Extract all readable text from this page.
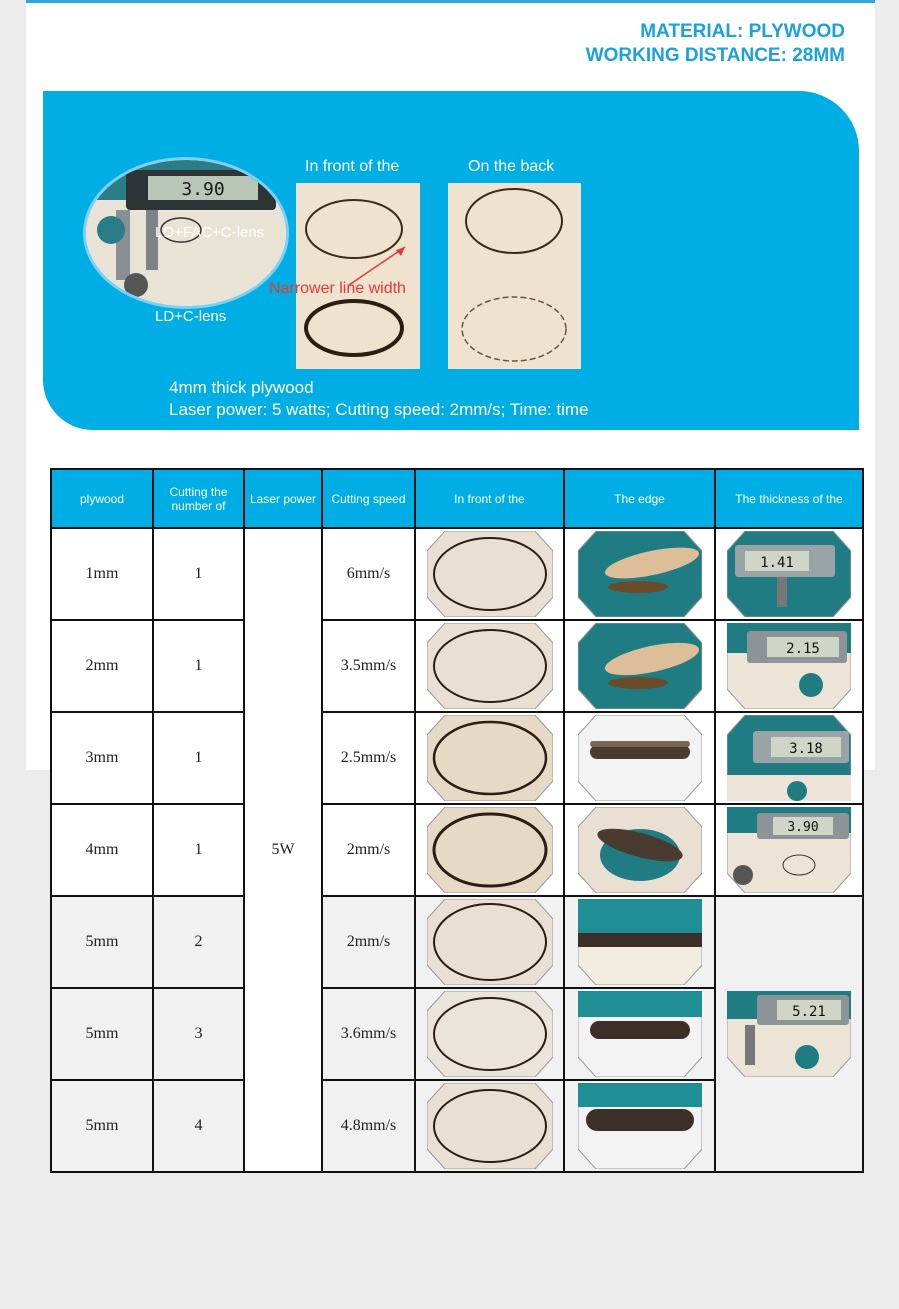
MATERIAL: PLYWOOD
WORKING DISTANCE: 28MM
3.90
In front of the	On the back
LD+FAC+C-lens
LD+C-lens
Narrower line width
4mm thick plywood
Laser power: 5 watts; Cutting speed: 2mm/s; Time: time
plywood	Cutting the number of	Laser power	Cutting speed	In front of the	The edge	The thickness of the
1mm	1	5W	6mm/s			1.41

2mm	1		3.5mm/s			2.15

3mm	1		2.5mm/s			3.18

4mm	1		2mm/s			3.90

5mm	2		2mm/s			5.21

5mm	3		3.6mm/s	

5mm	4		4.8mm/s	
